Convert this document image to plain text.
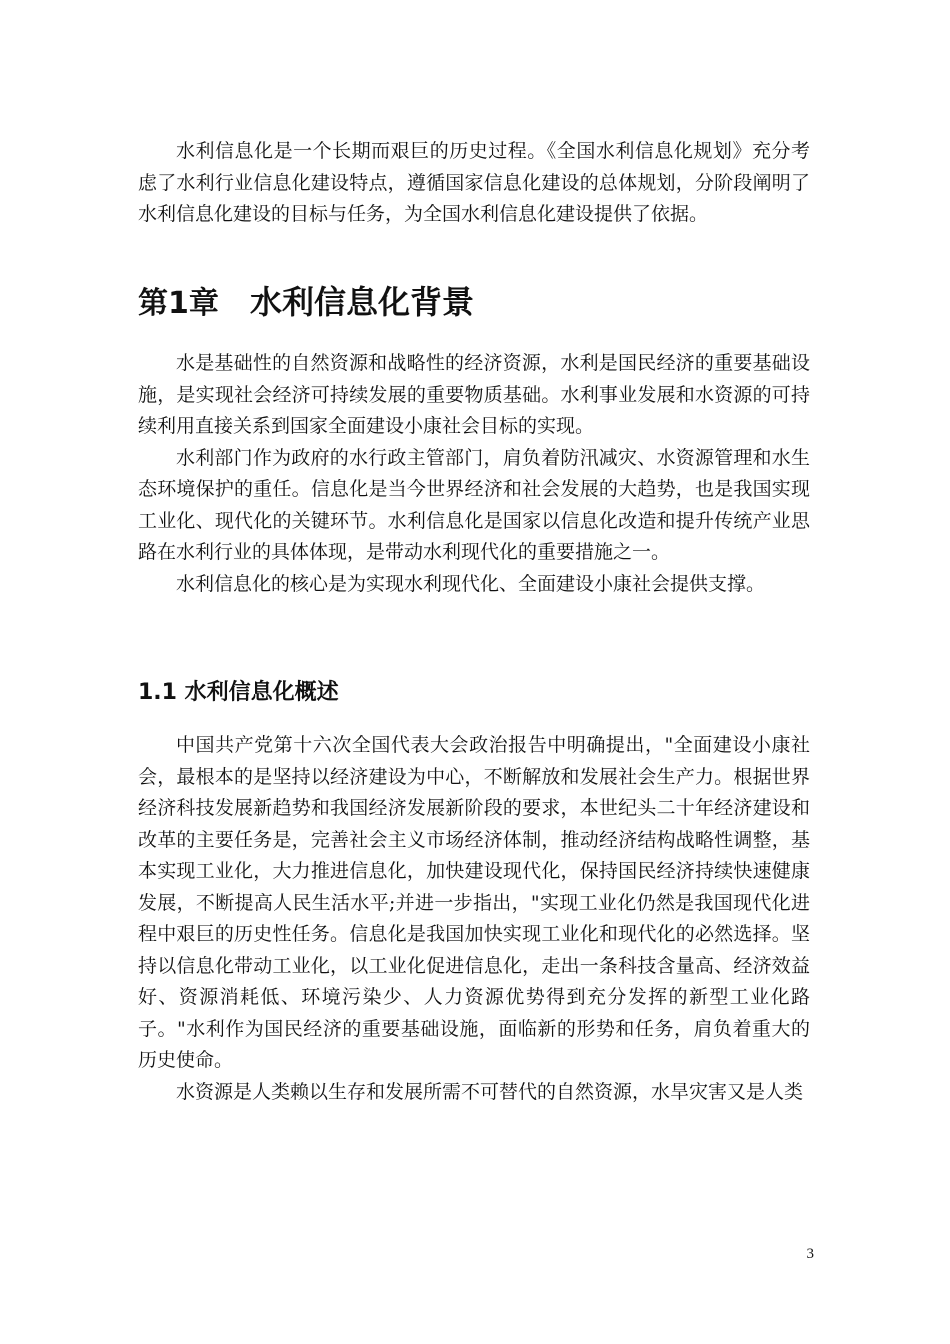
水利信息化是一个长期而艰巨的历史过程。《全国水利信息化规划》充分考虑了水利行业信息化建设特点，遵循国家信息化建设的总体规划，分阶段阐明了水利信息化建设的目标与任务，为全国水利信息化建设提供了依据。

第1章 水利信息化背景

水是基础性的自然资源和战略性的经济资源，水利是国民经济的重要基础设施，是实现社会经济可持续发展的重要物质基础。水利事业发展和水资源的可持续利用直接关系到国家全面建设小康社会目标的实现。

水利部门作为政府的水行政主管部门，肩负着防汛减灾、水资源管理和水生态环境保护的重任。信息化是当今世界经济和社会发展的大趋势，也是我国实现工业化、现代化的关键环节。水利信息化是国家以信息化改造和提升传统产业思路在水利行业的具体体现，是带动水利现代化的重要措施之一。

水利信息化的核心是为实现水利现代化、全面建设小康社会提供支撑。

1.1 水利信息化概述

中国共产党第十六次全国代表大会政治报告中明确提出，"全面建设小康社会，最根本的是坚持以经济建设为中心，不断解放和发展社会生产力。根据世界经济科技发展新趋势和我国经济发展新阶段的要求，本世纪头二十年经济建设和改革的主要任务是，完善社会主义市场经济体制，推动经济结构战略性调整，基本实现工业化，大力推进信息化，加快建设现代化，保持国民经济持续快速健康发展，不断提高人民生活水平;并进一步指出，"实现工业化仍然是我国现代化进程中艰巨的历史性任务。信息化是我国加快实现工业化和现代化的必然选择。坚持以信息化带动工业化，以工业化促进信息化，走出一条科技含量高、经济效益好、资源消耗低、环境污染少、人力资源优势得到充分发挥的新型工业化路子。"水利作为国民经济的重要基础设施，面临新的形势和任务，肩负着重大的历史使命。

水资源是人类赖以生存和发展所需不可替代的自然资源，水旱灾害又是人类

3
